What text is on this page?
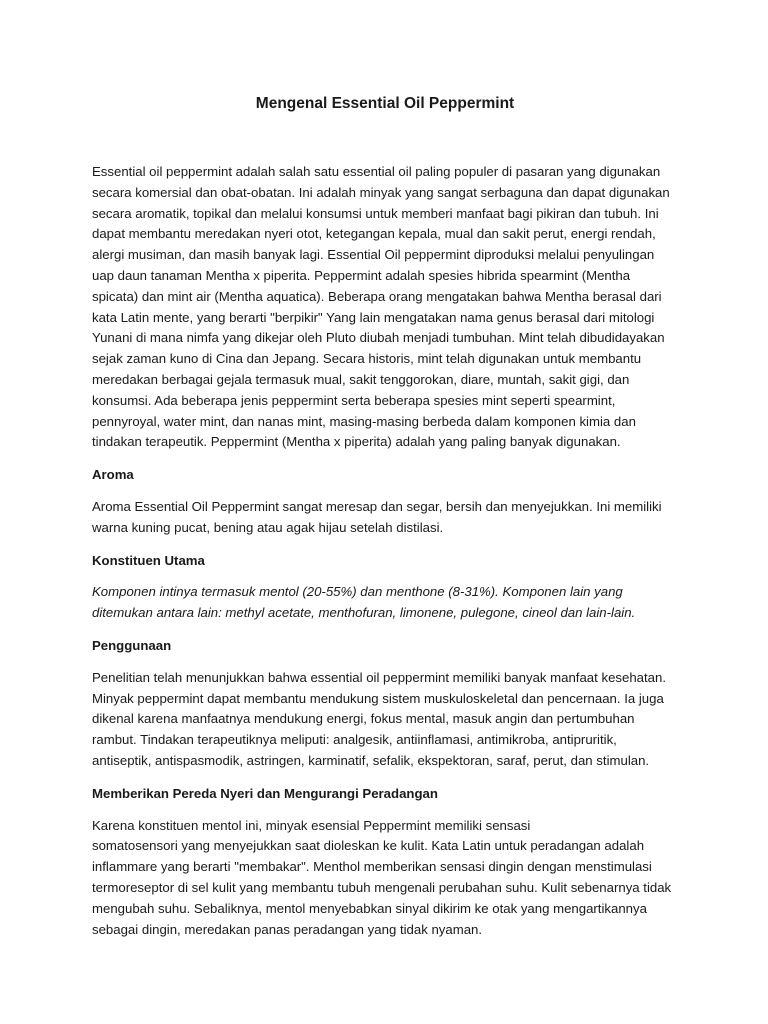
Mengenal Essential Oil Peppermint

Essential oil peppermint adalah salah satu essential oil paling populer di pasaran yang digunakan secara komersial dan obat-obatan. Ini adalah minyak yang sangat serbaguna dan dapat digunakan secara aromatik, topikal dan melalui konsumsi untuk memberi manfaat bagi pikiran dan tubuh. Ini dapat membantu meredakan nyeri otot, ketegangan kepala, mual dan sakit perut, energi rendah, alergi musiman, dan masih banyak lagi. Essential Oil peppermint diproduksi melalui penyulingan uap daun tanaman Mentha x piperita. Peppermint adalah spesies hibrida spearmint (Mentha spicata) dan mint air (Mentha aquatica). Beberapa orang mengatakan bahwa Mentha berasal dari kata Latin mente, yang berarti "berpikir" Yang lain mengatakan nama genus berasal dari mitologi Yunani di mana nimfa yang dikejar oleh Pluto diubah menjadi tumbuhan. Mint telah dibudidayakan sejak zaman kuno di Cina dan Jepang. Secara historis, mint telah digunakan untuk membantu meredakan berbagai gejala termasuk mual, sakit tenggorokan, diare, muntah, sakit gigi, dan konsumsi. Ada beberapa jenis peppermint serta beberapa spesies mint seperti spearmint, pennyroyal, water mint, dan nanas mint, masing-masing berbeda dalam komponen kimia dan tindakan terapeutik. Peppermint (Mentha x piperita) adalah yang paling banyak digunakan.

Aroma

Aroma Essential Oil Peppermint sangat meresap dan segar, bersih dan menyejukkan. Ini memiliki warna kuning pucat, bening atau agak hijau setelah distilasi.

Konstituen Utama

Komponen intinya termasuk mentol (20-55%) dan menthone (8-31%). Komponen lain yang ditemukan antara lain: methyl acetate, menthofuran, limonene, pulegone, cineol dan lain-lain.

Penggunaan

Penelitian telah menunjukkan bahwa essential oil peppermint memiliki banyak manfaat kesehatan. Minyak peppermint dapat membantu mendukung sistem muskuloskeletal dan pencernaan. Ia juga dikenal karena manfaatnya mendukung energi, fokus mental, masuk angin dan pertumbuhan rambut. Tindakan terapeutiknya meliputi: analgesik, antiinflamasi, antimikroba, antipruritik, antiseptik, antispasmodik, astringen, karminatif, sefalik, ekspektoran, saraf, perut, dan stimulan.

Memberikan Pereda Nyeri dan Mengurangi Peradangan

Karena konstituen mentol ini, minyak esensial Peppermint memiliki sensasisomatosensori yang menyejukkan saat dioleskan ke kulit. Kata Latin untuk peradangan adalah inflammare yang berarti "membakar". Menthol memberikan sensasi dingin dengan menstimulasi termoreseptor di sel kulit yang membantu tubuh mengenali perubahan suhu. Kulit sebenarnya tidak mengubah suhu. Sebaliknya, mentol menyebabkan sinyal dikirim ke otak yang mengartikannya sebagai dingin, meredakan panas peradangan yang tidak nyaman.
